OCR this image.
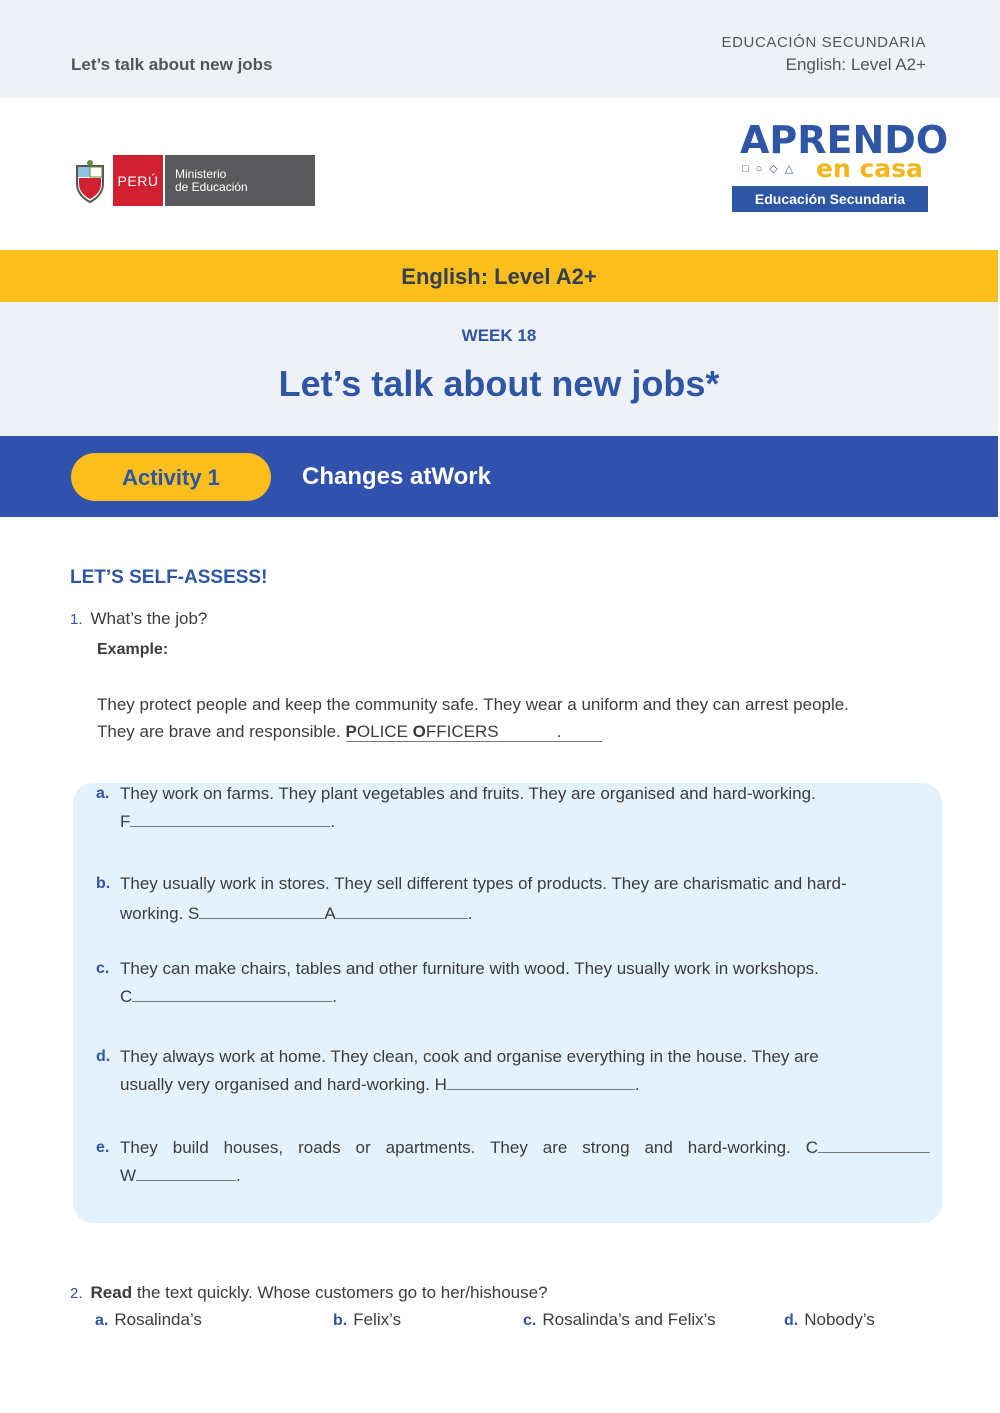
Let’s talk about new jobs
EDUCACIÓN SECUNDARIA
English: Level A2+
PERÚ	Ministerio
de Educación
APRENDO
□○◇△ en casa
Educación Secundaria
English: Level A2+
WEEK 18
Let’s talk about new jobs*
Activity 1	Changes atWork
LET’S SELF-ASSESS!
1. What’s the job?
Example:
They protect people and keep the community safe. They wear a uniform and they can arrest people.
They are brave and responsible. POLICE OFFICERS	.
a. They work on farms. They plant vegetables and fruits. They are organised and hard-working.
F	.
b. They usually work in stores. They sell different types of products. They are charismatic and hard-
working. S	A	.
c. They can make chairs, tables and other furniture with wood. They usually work in workshops.
C	.
d. They always work at home. They clean, cook and organise everything in the house. They are
usually very organised and hard-working. H	.
e. They build houses, roads or apartments. They are strong and hard-working. C
W	.
2. Read the text quickly. Whose customers go to her/hishouse?
a. Rosalinda’s	b. Felix’s	c. Rosalinda’s and Felix’s	d. Nobody’s
